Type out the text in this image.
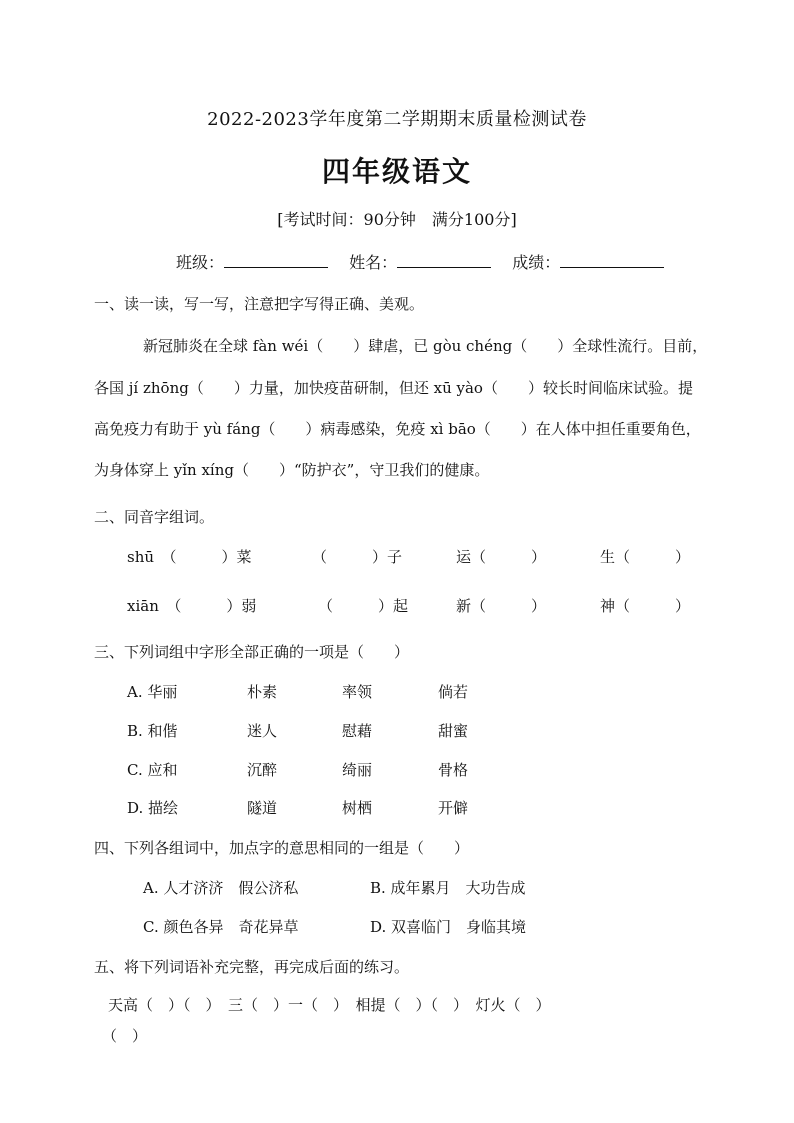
2022-2023学年度第二学期期末质量检测试卷
四年级语文
[考试时间：90分钟　满分100分]
班级：	姓名：	成绩：
一、读一读，写一写，注意把字写得正确、美观。
新冠肺炎在全球 fàn wéi（　　）肆虐，已 gòu chéng（　　）全球性流行。目前，
各国 jí zhōng（　　）力量，加快疫苗研制，但还 xū yào（　　）较长时间临床试验。提
高免疫力有助于 yù fáng（　　）病毒感染，免疫 xì bāo（　　）在人体中担任重要角色，
为身体穿上 yǐn xíng（　　）“防护衣”，守卫我们的健康。
二、同音字组词。
shū　（　　　）菜	（　　　）子	运（　　　）	生（　　　）
xiān　（　　　）弱	（　　　）起	新（　　　）	神（　　　）
三、下列词组中字形全部正确的一项是（　　）
A. 华丽	朴素	率领	倘若
B. 和偕	迷人	慰藉	甜蜜
C. 应和	沉醉	绮丽	骨格
D. 描绘	隧道	树栖	开僻
四、下列各组词中，加点字的意思相同的一组是（　　）
A. 人才济济　假公济私	B. 成年累月　大功告成
C. 颜色各异　奇花异草	D. 双喜临门　身临其境
五、将下列词语补充完整，再完成后面的练习。
天高（　）（　）　三（　）一（　）　相提（　）（　）　灯火（　）
（　）
